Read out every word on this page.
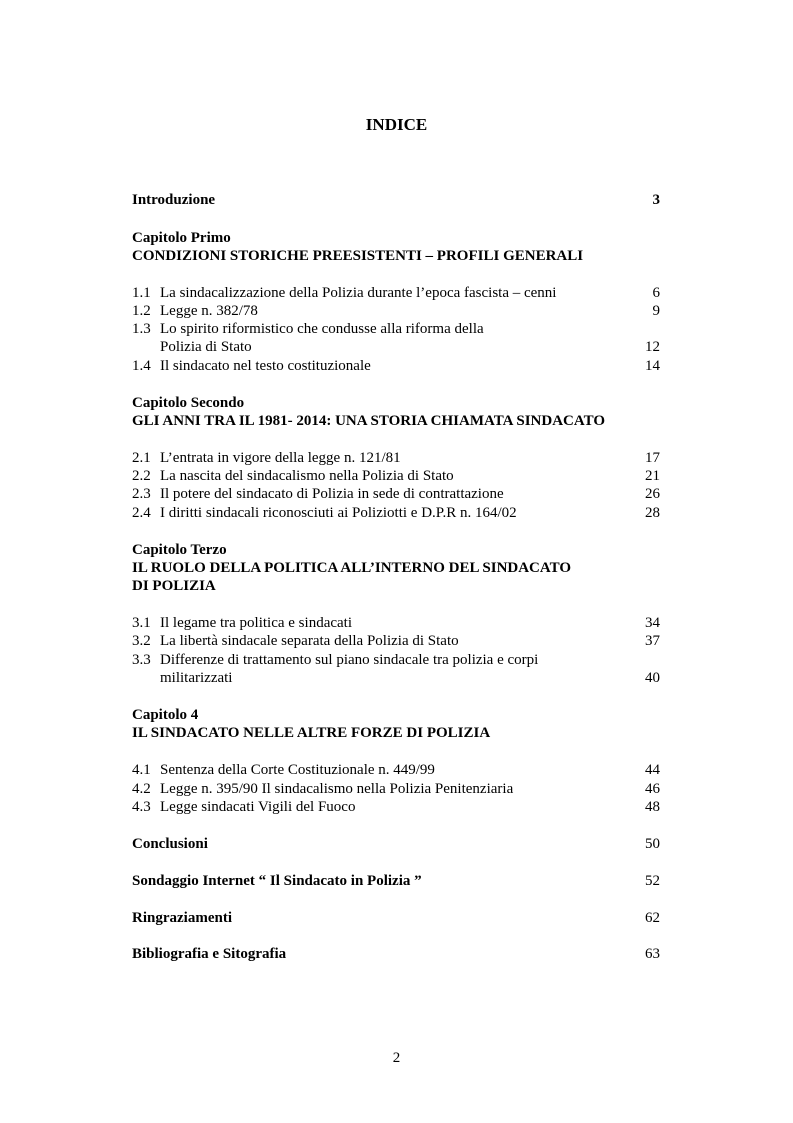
INDICE
Introduzione	3
Capitolo Primo
CONDIZIONI STORICHE PREESISTENTI – PROFILI GENERALI
1.1 La sindacalizzazione della Polizia durante l’epoca fascista – cenni	6
1.2 Legge n. 382/78	9
1.3 Lo spirito riformistico che condusse alla riforma della
Polizia di Stato	12
1.4 Il sindacato nel testo costituzionale	14
Capitolo Secondo
GLI ANNI TRA IL 1981- 2014: UNA STORIA CHIAMATA SINDACATO
2.1 L’entrata in vigore della legge n. 121/81	17
2.2 La nascita del sindacalismo nella Polizia di Stato	21
2.3 Il potere del sindacato di Polizia in sede di contrattazione	26
2.4 I diritti sindacali riconosciuti ai Poliziotti e D.P.R n. 164/02	28
Capitolo Terzo
IL RUOLO DELLA POLITICA ALL’INTERNO DEL SINDACATO
DI POLIZIA
3.1 Il legame tra politica e sindacati	34
3.2 La libertà sindacale separata della Polizia di Stato	37
3.3 Differenze di trattamento sul piano sindacale tra polizia e corpi
militarizzati	40
Capitolo 4
IL SINDACATO NELLE ALTRE FORZE DI POLIZIA
4.1 Sentenza della Corte Costituzionale n. 449/99	44
4.2 Legge n. 395/90 Il sindacalismo nella Polizia Penitenziaria	46
4.3 Legge sindacati Vigili del Fuoco	48
Conclusioni	50
Sondaggio Internet “ Il Sindacato in Polizia ”	52
Ringraziamenti	62
Bibliografia e Sitografia	63
2
